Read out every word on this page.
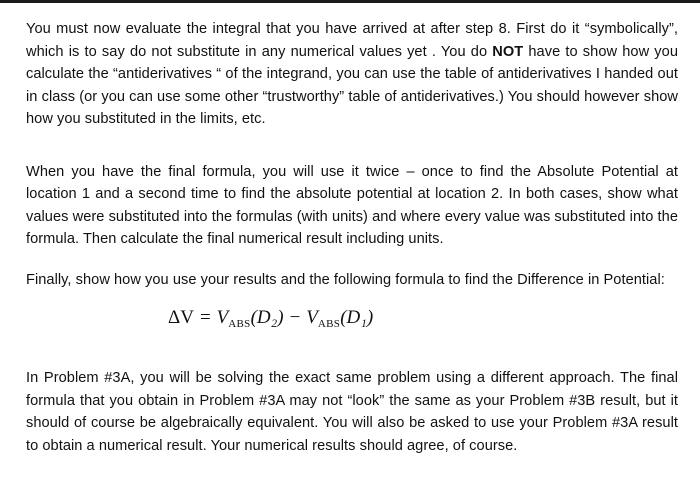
You must now evaluate the integral that you have arrived at after step 8. First do it “symbolically”, which is to say do not substitute in any numerical values yet . You do NOT have to show how you calculate the “antiderivatives “ of the integrand, you can use the table of antiderivatives I handed out in class (or you can use some other “trustworthy” table of antiderivatives.) You should however show how you substituted in the limits, etc.

When you have the final formula, you will use it twice – once to find the Absolute Potential at location 1 and a second time to find the absolute potential at location 2. In both cases, show what values were substituted into the formulas (with units) and where every value was substituted into the formula. Then calculate the final numerical result including units.

Finally, show how you use your results and the following formula to find the Difference in Potential:

$\Delta V = V_{ABS}(D_2) - V_{ABS}(D_1)$

In Problem #3A, you will be solving the exact same problem using a different approach. The final formula that you obtain in Problem #3A may not “look” the same as your Problem #3B result, but it should of course be algebraically equivalent. You will also be asked to use your Problem #3A result to obtain a numerical result. Your numerical results should agree, of course.
